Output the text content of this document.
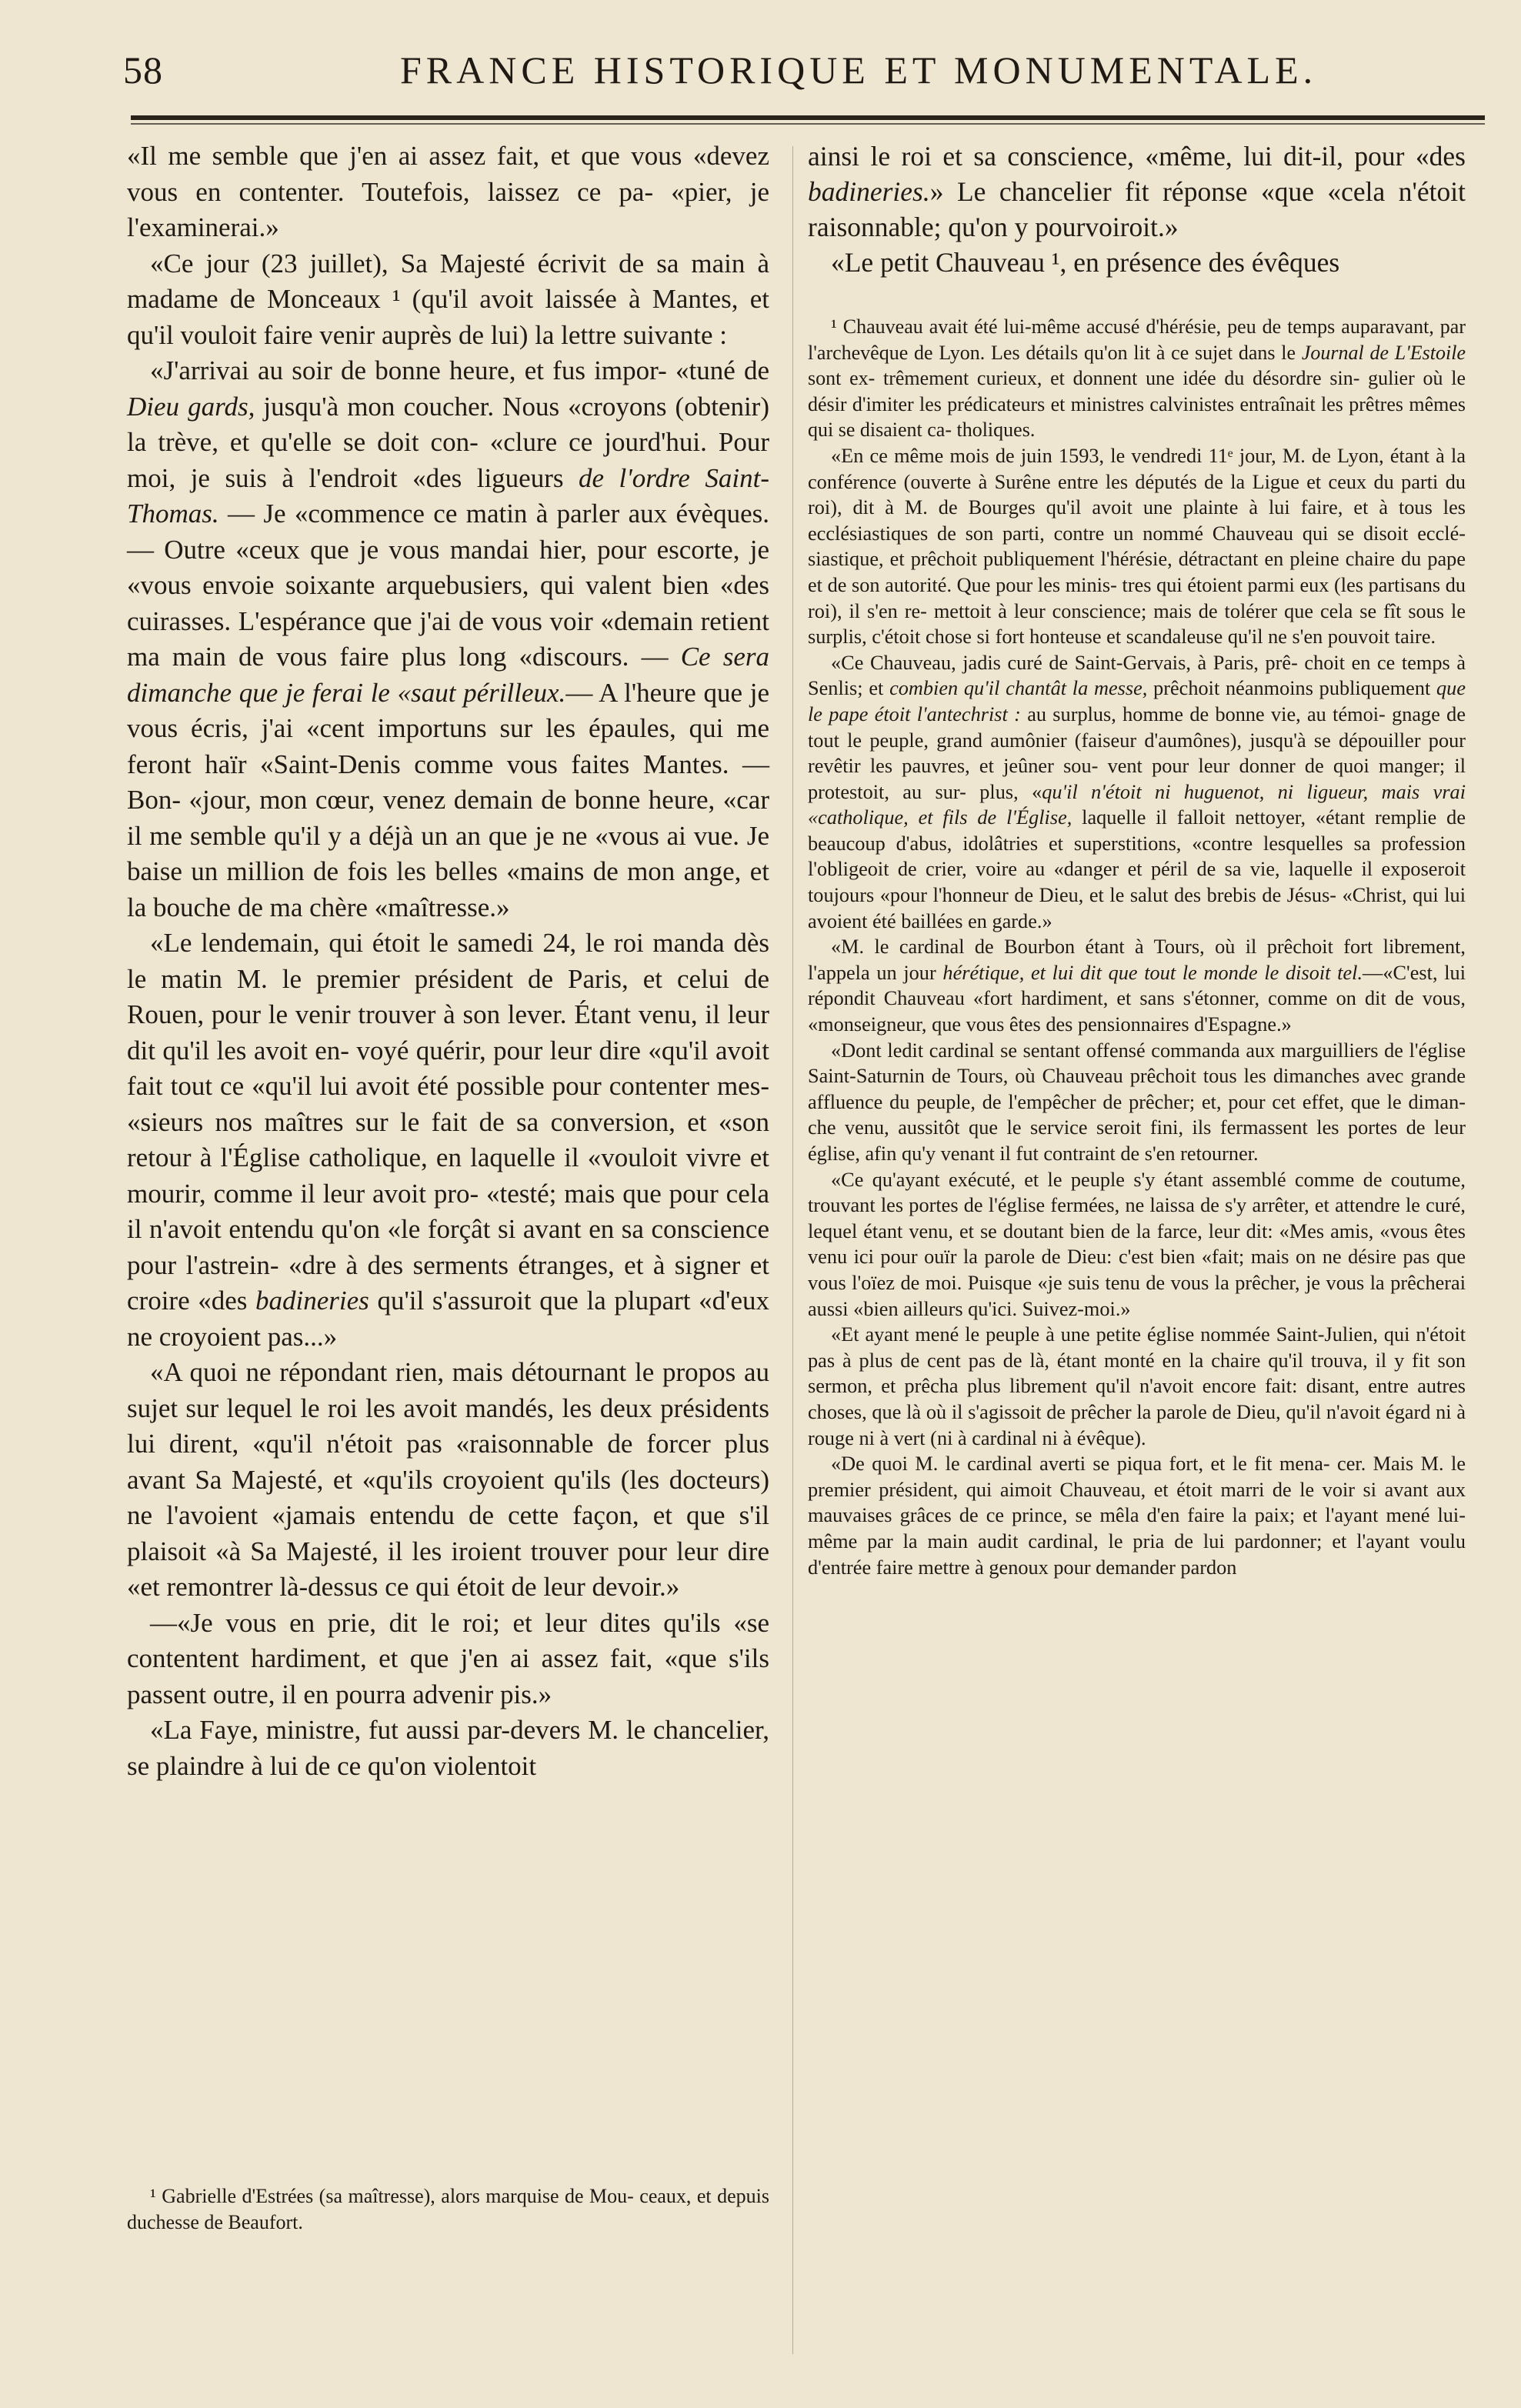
58	FRANCE HISTORIQUE ET MONUMENTALE.

«Il me semble que j'en ai assez fait, et que vous «devez vous en contenter. Toutefois, laissez ce pa- «pier, je l'examinerai.»

«Ce jour (23 juillet), Sa Majesté écrivit de sa main à madame de Monceaux ¹ (qu'il avoit laissée à Mantes, et qu'il vouloit faire venir auprès de lui) la lettre suivante :

«J'arrivai au soir de bonne heure, et fus impor- «tuné de Dieu gards, jusqu'à mon coucher. Nous «croyons (obtenir) la trève, et qu'elle se doit con- «clure ce jourd'hui. Pour moi, je suis à l'endroit «des ligueurs de l'ordre Saint-Thomas. — Je «commence ce matin à parler aux évèques.— Outre «ceux que je vous mandai hier, pour escorte, je «vous envoie soixante arquebusiers, qui valent bien «des cuirasses. L'espérance que j'ai de vous voir «demain retient ma main de vous faire plus long «discours. — Ce sera dimanche que je ferai le «saut périlleux.— A l'heure que je vous écris, j'ai «cent importuns sur les épaules, qui me feront haïr «Saint-Denis comme vous faites Mantes. — Bon- «jour, mon cœur, venez demain de bonne heure, «car il me semble qu'il y a déjà un an que je ne «vous ai vue. Je baise un million de fois les belles «mains de mon ange, et la bouche de ma chère «maîtresse.»

«Le lendemain, qui étoit le samedi 24, le roi manda dès le matin M. le premier président de Paris, et celui de Rouen, pour le venir trouver à son lever. Étant venu, il leur dit qu'il les avoit en- voyé quérir, pour leur dire «qu'il avoit fait tout ce «qu'il lui avoit été possible pour contenter mes- «sieurs nos maîtres sur le fait de sa conversion, et «son retour à l'Église catholique, en laquelle il «vouloit vivre et mourir, comme il leur avoit pro- «testé; mais que pour cela il n'avoit entendu qu'on «le forçât si avant en sa conscience pour l'astrein- «dre à des serments étranges, et à signer et croire «des badineries qu'il s'assuroit que la plupart «d'eux ne croyoient pas...»

«A quoi ne répondant rien, mais détournant le propos au sujet sur lequel le roi les avoit mandés, les deux présidents lui dirent, «qu'il n'étoit pas «raisonnable de forcer plus avant Sa Majesté, et «qu'ils croyoient qu'ils (les docteurs) ne l'avoient «jamais entendu de cette façon, et que s'il plaisoit «à Sa Majesté, il les iroient trouver pour leur dire «et remontrer là-dessus ce qui étoit de leur devoir.»

—«Je vous en prie, dit le roi; et leur dites qu'ils «se contentent hardiment, et que j'en ai assez fait, «que s'ils passent outre, il en pourra advenir pis.»

«La Faye, ministre, fut aussi par-devers M. le chancelier, se plaindre à lui de ce qu'on violentoit

¹ Gabrielle d'Estrées (sa maîtresse), alors marquise de Mou- ceaux, et depuis duchesse de Beaufort.

ainsi le roi et sa conscience, «même, lui dit-il, pour «des badineries.» Le chancelier fit réponse «que «cela n'étoit raisonnable; qu'on y pourvoiroit.»

«Le petit Chauveau ¹, en présence des évêques

¹ Chauveau avait été lui-même accusé d'hérésie, peu de temps auparavant, par l'archevêque de Lyon. Les détails qu'on lit à ce sujet dans le Journal de L'Estoile sont ex- trêmement curieux, et donnent une idée du désordre sin- gulier où le désir d'imiter les prédicateurs et ministres calvinistes entraînait les prêtres mêmes qui se disaient ca- tholiques.

«En ce même mois de juin 1593, le vendredi 11ᵉ jour, M. de Lyon, étant à la conférence (ouverte à Surêne entre les députés de la Ligue et ceux du parti du roi), dit à M. de Bourges qu'il avoit une plainte à lui faire, et à tous les ecclésiastiques de son parti, contre un nommé Chauveau qui se disoit ecclé- siastique, et prêchoit publiquement l'hérésie, détractant en pleine chaire du pape et de son autorité. Que pour les minis- tres qui étoient parmi eux (les partisans du roi), il s'en re- mettoit à leur conscience; mais de tolérer que cela se fît sous le surplis, c'étoit chose si fort honteuse et scandaleuse qu'il ne s'en pouvoit taire.

«Ce Chauveau, jadis curé de Saint-Gervais, à Paris, prê- choit en ce temps à Senlis; et combien qu'il chantât la messe, prêchoit néanmoins publiquement que le pape étoit l'antechrist : au surplus, homme de bonne vie, au témoi- gnage de tout le peuple, grand aumônier (faiseur d'aumônes), jusqu'à se dépouiller pour revêtir les pauvres, et jeûner sou- vent pour leur donner de quoi manger; il protestoit, au sur- plus, «qu'il n'étoit ni huguenot, ni ligueur, mais vrai «catholique, et fils de l'Église, laquelle il falloit nettoyer, «étant remplie de beaucoup d'abus, idolâtries et superstitions, «contre lesquelles sa profession l'obligeoit de crier, voire au «danger et péril de sa vie, laquelle il exposeroit toujours «pour l'honneur de Dieu, et le salut des brebis de Jésus- «Christ, qui lui avoient été baillées en garde.»

«M. le cardinal de Bourbon étant à Tours, où il prêchoit fort librement, l'appela un jour hérétique, et lui dit que tout le monde le disoit tel.—«C'est, lui répondit Chauveau «fort hardiment, et sans s'étonner, comme on dit de vous, «monseigneur, que vous êtes des pensionnaires d'Espagne.»

«Dont ledit cardinal se sentant offensé commanda aux marguilliers de l'église Saint-Saturnin de Tours, où Chauveau prêchoit tous les dimanches avec grande affluence du peuple, de l'empêcher de prêcher; et, pour cet effet, que le diman- che venu, aussitôt que le service seroit fini, ils fermassent les portes de leur église, afin qu'y venant il fut contraint de s'en retourner.

«Ce qu'ayant exécuté, et le peuple s'y étant assemblé comme de coutume, trouvant les portes de l'église fermées, ne laissa de s'y arrêter, et attendre le curé, lequel étant venu, et se doutant bien de la farce, leur dit: «Mes amis, «vous êtes venu ici pour ouïr la parole de Dieu: c'est bien «fait; mais on ne désire pas que vous l'oïez de moi. Puisque «je suis tenu de vous la prêcher, je vous la prêcherai aussi «bien ailleurs qu'ici. Suivez-moi.»

«Et ayant mené le peuple à une petite église nommée Saint-Julien, qui n'étoit pas à plus de cent pas de là, étant monté en la chaire qu'il trouva, il y fit son sermon, et prêcha plus librement qu'il n'avoit encore fait: disant, entre autres choses, que là où il s'agissoit de prêcher la parole de Dieu, qu'il n'avoit égard ni à rouge ni à vert (ni à cardinal ni à évêque).

«De quoi M. le cardinal averti se piqua fort, et le fit mena- cer. Mais M. le premier président, qui aimoit Chauveau, et étoit marri de le voir si avant aux mauvaises grâces de ce prince, se mêla d'en faire la paix; et l'ayant mené lui-même par la main audit cardinal, le pria de lui pardonner; et l'ayant voulu d'entrée faire mettre à genoux pour demander pardon
